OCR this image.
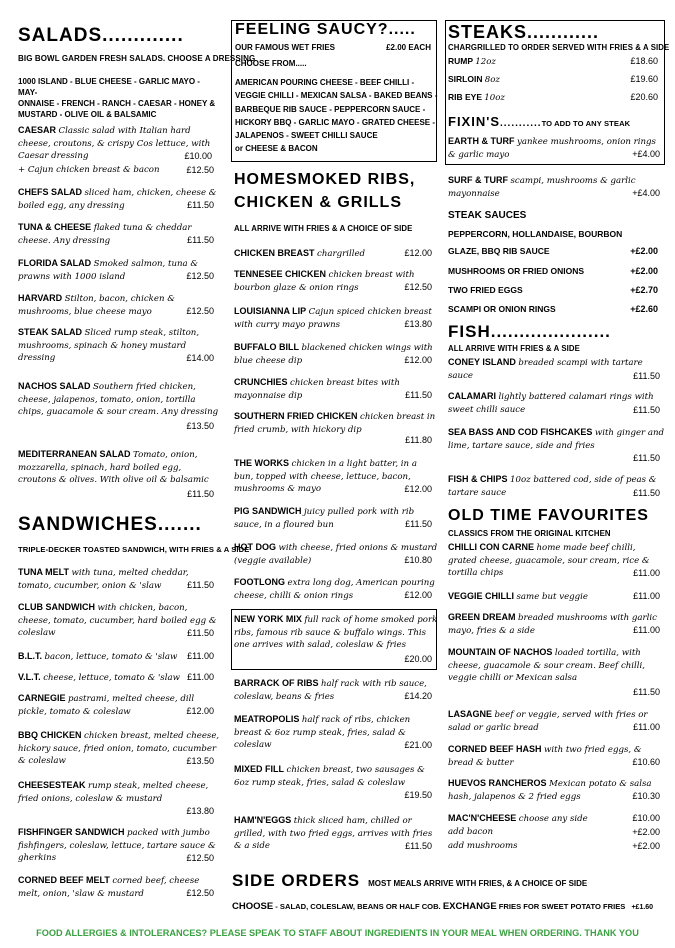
SALADS.............
BIG BOWL GARDEN FRESH SALADS. CHOOSE A DRESSING
1000 ISLAND - BLUE CHEESE - GARLIC MAYO - MAY-
ONNAISE - FRENCH - RANCH - CAESAR - HONEY &
MUSTARD - OLIVE OIL & BALSAMIC
CAESAR Classic salad with Italian hard cheese, croutons, & crispy Cos lettuce, with Caesar dressing	£10.00
+ Cajun chicken breast & bacon	£12.50
CHEFS SALAD sliced ham, chicken, cheese & boiled egg, any dressing	£11.50
TUNA & CHEESE flaked tuna & cheddar cheese. Any dressing	£11.50
FLORIDA SALAD Smoked salmon, tuna & prawns with 1000 island	£12.50
HARVARD Stilton, bacon, chicken & mushrooms, blue cheese mayo	£12.50
STEAK SALAD Sliced rump steak, stilton, mushrooms, spinach & honey mustard dressing	£14.00
NACHOS SALAD Southern fried chicken, cheese, jalapenos, tomato, onion, tortilla chips, guacamole & sour cream. Any dressing
£13.50
MEDITERRANEAN SALAD Tomato, onion, mozzarella, spinach, hard boiled egg, croutons & olives. With olive oil & balsamic
£11.50
SANDWICHES.......
TRIPLE-DECKER TOASTED SANDWICH, WITH FRIES & A SIDE
TUNA MELT with tuna, melted cheddar, tomato, cucumber, onion & 'slaw	£11.50
CLUB SANDWICH with chicken, bacon, cheese, tomato, cucumber, hard boiled egg & coleslaw	£11.50
B.L.T. bacon, lettuce, tomato & 'slaw £11.00
V.L.T. cheese, lettuce, tomato & 'slaw £11.00
CARNEGIE pastrami, melted cheese, dill pickle, tomato & coleslaw	£12.00
BBQ CHICKEN chicken breast, melted cheese, hickory sauce, fried onion, tomato, cucumber & coleslaw	£13.50
CHEESESTEAK rump steak, melted cheese, fried onions, coleslaw & mustard
£13.80
FISHFINGER SANDWICH packed with jumbo fishfingers, coleslaw, lettuce, tartare sauce & gherkins	£12.50
CORNED BEEF MELT corned beef, cheese melt, onion, 'slaw & mustard	£12.50
FEELING SAUCY?.....
OUR FAMOUS WET FRIES	£2.00 EACH
CHOOSE FROM.....
AMERICAN POURING CHEESE - BEEF CHILLI -
VEGGIE CHILLI - MEXICAN SALSA - BAKED BEANS -
BARBEQUE RIB SAUCE - PEPPERCORN SAUCE -
HICKORY BBQ - GARLIC MAYO - GRATED CHEESE -
JALAPENOS - SWEET CHILLI SAUCE
or CHEESE & BACON
HOMESMOKED RIBS,
CHICKEN & GRILLS
ALL ARRIVE WITH FRIES & A CHOICE OF SIDE
CHICKEN BREAST chargrilled	£12.00
TENNESEE CHICKEN chicken breast with bourbon glaze & onion rings	£12.50
LOUISIANNA LIP Cajun spiced chicken breast with curry mayo prawns	£13.80
BUFFALO BILL blackened chicken wings with blue cheese dip	£12.00
CRUNCHIES chicken breast bites with mayonnaise dip	£11.50
SOUTHERN FRIED CHICKEN chicken breast in fried crumb, with hickory dip
£11.80
THE WORKS chicken in a light batter, in a bun, topped with cheese, lettuce, bacon, mushrooms & mayo	£12.00
PIG SANDWICH juicy pulled pork with rib sauce, in a floured bun	£11.50
HOT DOG with cheese, fried onions & mustard (veggie available)	£10.80
FOOTLONG extra long dog, American pouring cheese, chilli & onion rings	£12.00
NEW YORK MIX full rack of home smoked pork ribs, famous rib sauce & buffalo wings. This one arrives with salad, coleslaw & fries
£20.00
BARRACK OF RIBS half rack with rib sauce, coleslaw, beans & fries	£14.20
MEATROPOLIS half rack of ribs, chicken breast & 6oz rump steak, fries, salad & coleslaw	£21.00
MIXED FILL chicken breast, two sausages & 6oz rump steak, fries, salad & coleslaw
£19.50
HAM'N'EGGS thick sliced ham, chilled or grilled, with two fried eggs, arrives with fries & a side	£11.50
STEAKS............
CHARGRILLED TO ORDER SERVED WITH FRIES & A SIDE
RUMP 12oz	£18.60
SIRLOIN 8oz	£19.60
RIB EYE 10oz	£20.60
FIXIN'S...........TO ADD TO ANY STEAK
EARTH & TURF yankee mushrooms, onion rings & garlic mayo	+£4.00
SURF & TURF scampi, mushrooms & garlic mayonnaise	+£4.00
STEAK SAUCES
PEPPERCORN, HOLLANDAISE, BOURBON
GLAZE, BBQ RIB SAUCE	+£2.00
MUSHROOMS OR FRIED ONIONS	+£2.00
TWO FRIED EGGS	+£2.70
SCAMPI OR ONION RINGS	+£2.60
FISH.....................
ALL ARRIVE WITH FRIES & A SIDE
CONEY ISLAND breaded scampi with tartare sauce	£11.50
CALAMARI lightly battered calamari rings with sweet chilli sauce	£11.50
SEA BASS AND COD FISHCAKES with ginger and lime, tartare sauce, side and fries
£11.50
FISH & CHIPS 10oz battered cod, side of peas & tartare sauce	£11.50
OLD TIME FAVOURITES
CLASSICS FROM THE ORIGINAL KITCHEN
CHILLI CON CARNE home made beef chilli, grated cheese, guacamole, sour cream, rice & tortilla chips	£11.00
VEGGIE CHILLI same but veggie	£11.00
GREEN DREAM breaded mushrooms with garlic mayo, fries & a side	£11.00
MOUNTAIN OF NACHOS loaded tortilla, with cheese, guacamole & sour cream. Beef chilli, veggie chilli or Mexican salsa
£11.50
LASAGNE beef or veggie, served with fries or salad or garlic bread	£11.00
CORNED BEEF HASH with two fried eggs, & bread & butter	£10.60
HUEVOS RANCHEROS Mexican potato & salsa hash, jalapenos & 2 fried eggs	£10.30
MAC'N'CHEESE choose any side	£10.00
add bacon	+£2.00
add mushrooms	+£2.00
SIDE ORDERS MOST MEALS ARRIVE WITH FRIES, & A CHOICE OF SIDE
CHOOSE - SALAD, COLESLAW, BEANS OR HALF COB. EXCHANGE FRIES FOR SWEET POTATO FRIES +£1.60
FOOD ALLERGIES & INTOLERANCES? PLEASE SPEAK TO STAFF ABOUT INGREDIENTS IN YOUR MEAL WHEN ORDERING. THANK YOU
